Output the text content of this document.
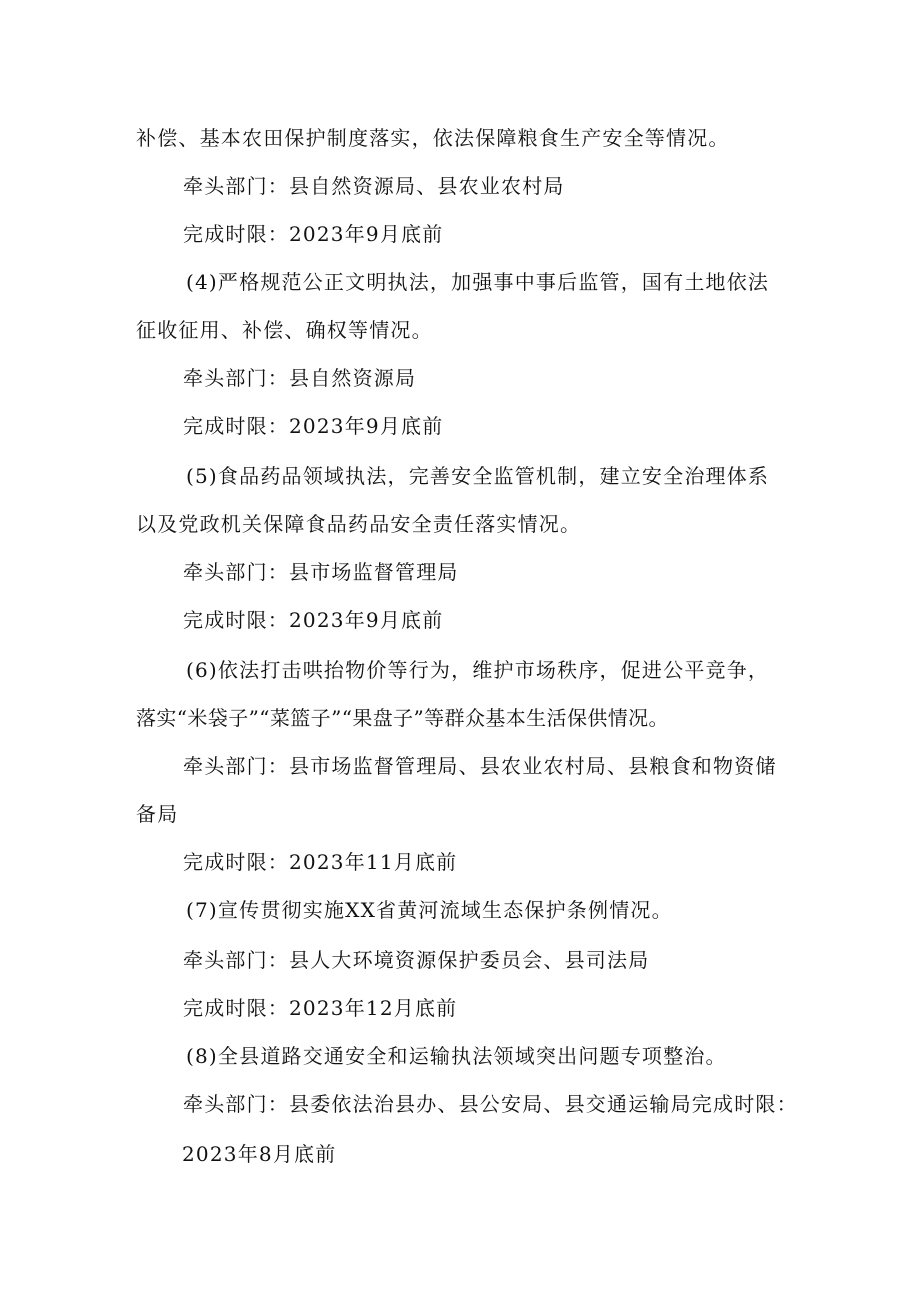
补偿、基本农田保护制度落实，依法保障粮食生产安全等情况。
牵头部门：县自然资源局、县农业农村局
完成时限：2023年9月底前
(4)严格规范公正文明执法，加强事中事后监管，国有土地依法
征收征用、补偿、确权等情况。
牵头部门：县自然资源局
完成时限：2023年9月底前
(5)食品药品领域执法，完善安全监管机制，建立安全治理体系
以及党政机关保障食品药品安全责任落实情况。
牵头部门：县市场监督管理局
完成时限：2023年9月底前
(6)依法打击哄抬物价等行为，维护市场秩序，促进公平竞争，
落实“米袋子”“菜篮子”“果盘子”等群众基本生活保供情况。
牵头部门：县市场监督管理局、县农业农村局、县粮食和物资储
备局
完成时限：2023年11月底前
(7)宣传贯彻实施XX省黄河流域生态保护条例情况。
牵头部门：县人大环境资源保护委员会、县司法局
完成时限：2023年12月底前
(8)全县道路交通安全和运输执法领域突出问题专项整治。
牵头部门：县委依法治县办、县公安局、县交通运输局完成时限：
2023年8月底前
